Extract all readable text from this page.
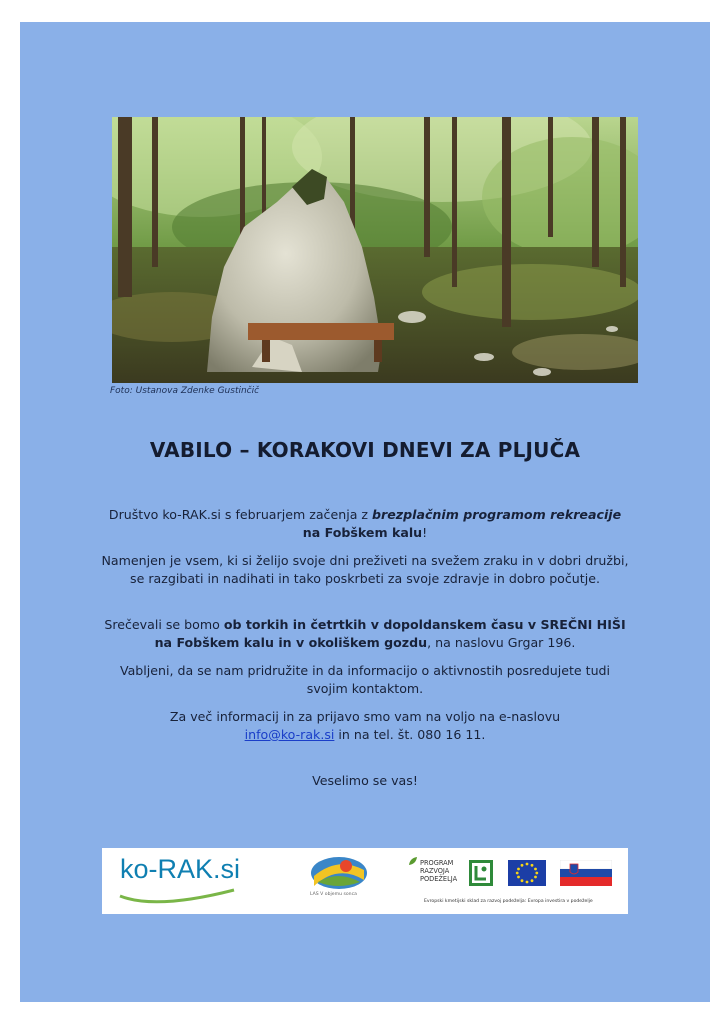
Foto: Ustanova Zdenke Gustinčič
VABILO – KORAKOVI DNEVI ZA PLJUČA
Društvo ko-RAK.si s februarjem začenja z brezplačnim programom rekreacije
na Fobškem kalu!
Namenjen je vsem, ki si želijo svoje dni preživeti na svežem zraku in v dobri družbi, se razgibati in nadihati in tako poskrbeti za svoje zdravje in dobro počutje.
Srečevali se bomo ob torkih in četrtkih v dopoldanskem času v SREČNI HIŠI na Fobškem kalu in v okoliškem gozdu, na naslovu Grgar 196.
Vabljeni, da se nam pridružite in da informacijo o aktivnostih posredujete tudi svojim kontaktom.
Za več informacij in za prijavo smo vam na voljo na e-naslovu
info@ko-rak.si in na tel. št. 080 16 11.
Veselimo se vas!
ko-RAK.si
LAS V objemu sonca
PROGRAM
RAZVOJA
PODEŽELJA
Evropski kmetijski sklad za razvoj podeželja: Evropa investira v podeželje
